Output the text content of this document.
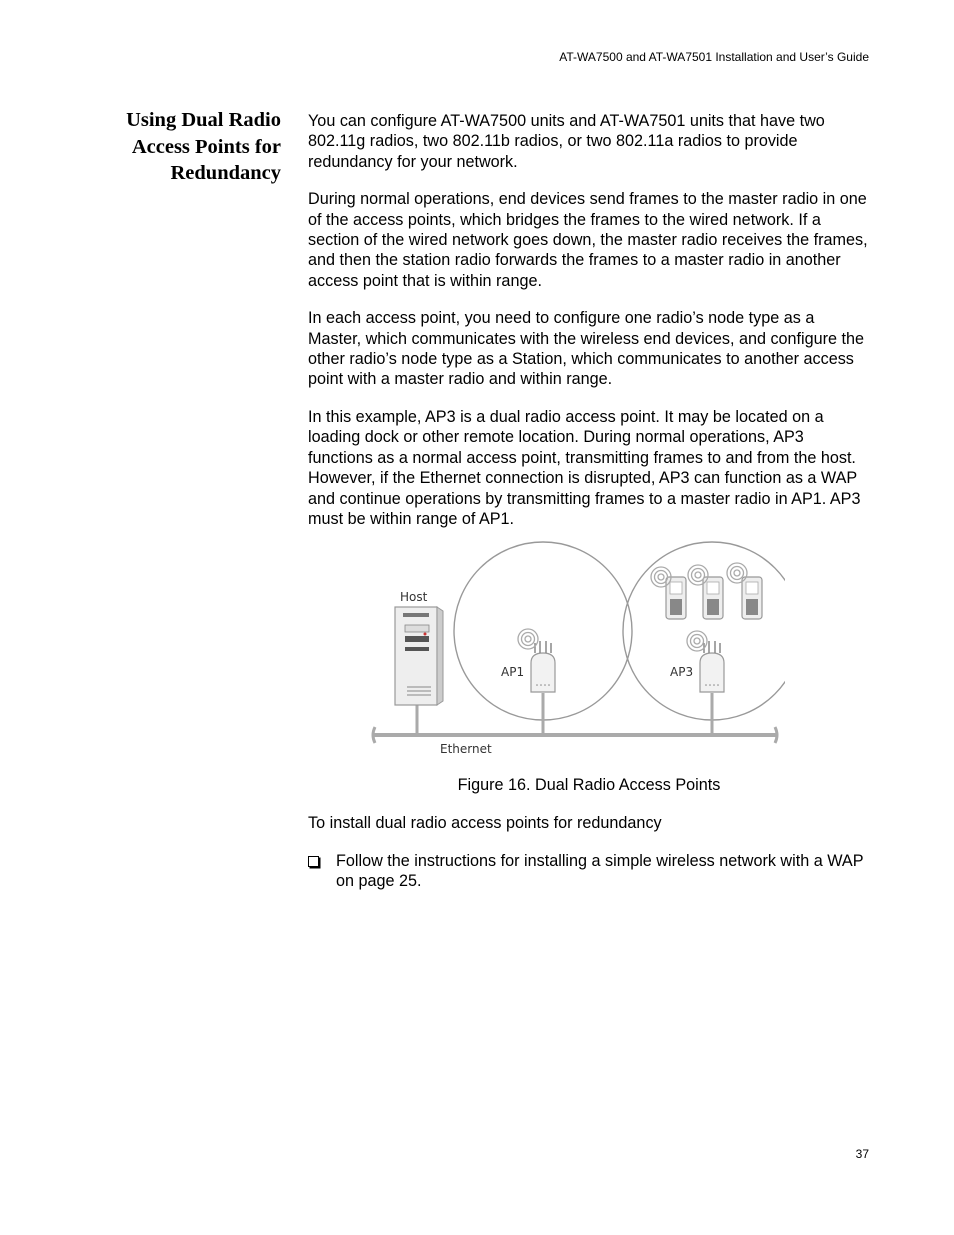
AT-WA7500 and AT-WA7501 Installation and User’s Guide
Using Dual Radio
Access Points for
Redundancy

You can configure AT-WA7500 units and AT-WA7501 units that have two 802.11g radios, two 802.11b radios, or two 802.11a radios to provide redundancy for your network.

During normal operations, end devices send frames to the master radio in one of the access points, which bridges the frames to the wired network. If a section of the wired network goes down, the master radio receives the frames, and then the station radio forwards the frames to a master radio in another access point that is within range.

In each access point, you need to configure one radio’s node type as a Master, which communicates with the wireless end devices, and configure the other radio’s node type as a Station, which communicates to another access point with a master radio and within range.

In this example, AP3 is a dual radio access point. It may be located on a loading dock or other remote location. During normal operations, AP3 functions as a normal access point, transmitting frames to and from the host. However, if the Ethernet connection is disrupted, AP3 can function as a WAP and continue operations by transmitting frames to a master radio in AP1. AP3 must be within range of AP1.

Host
AP1	AP3
Ethernet
Figure 16. Dual Radio Access Points
To install dual radio access points for redundancy
Follow the instructions for installing a simple wireless network with a WAP on page 25.
37
